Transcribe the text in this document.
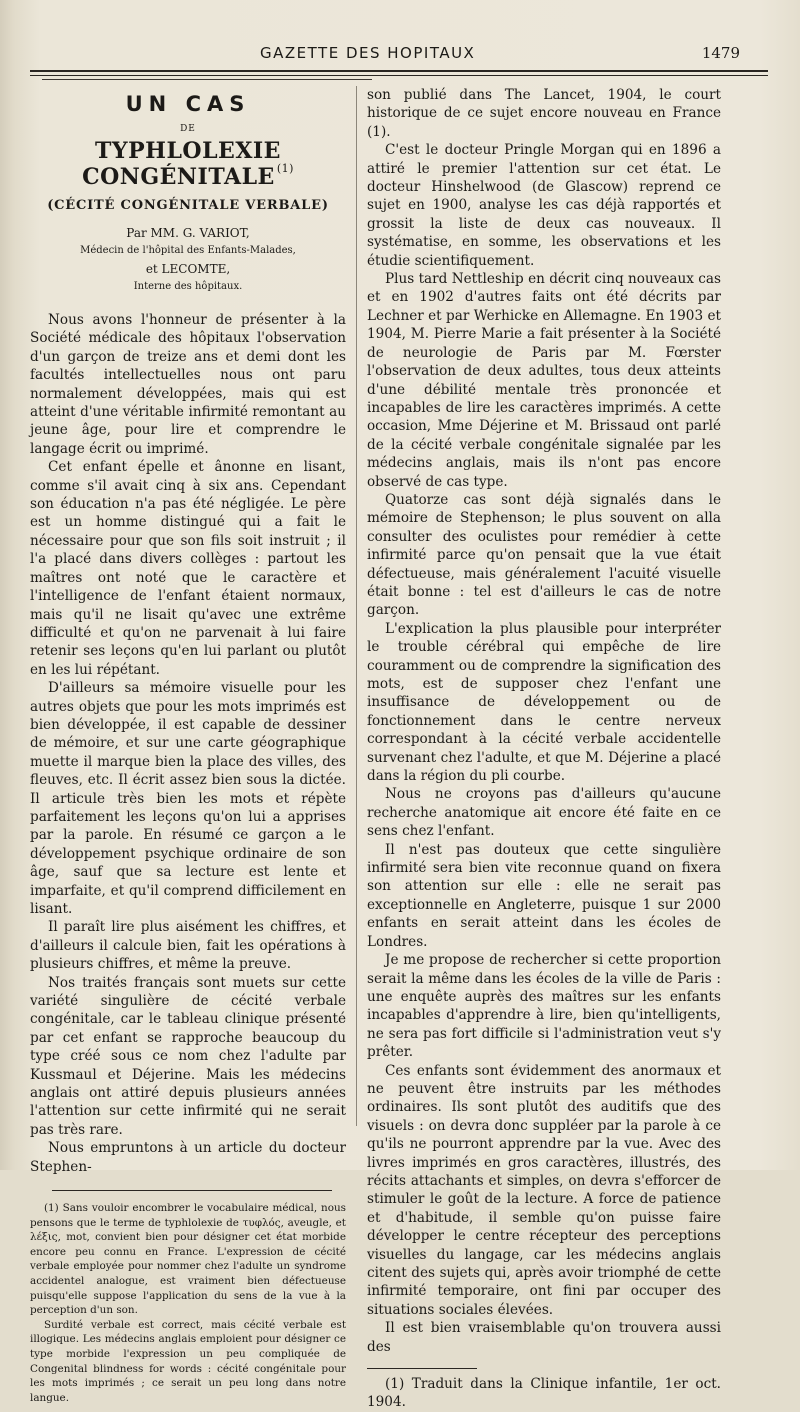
GAZETTE DES HOPITAUX	1479
UN CAS
DE
TYPHLOLEXIE CONGÉNITALE $^{(1)}$
(CÉCITÉ CONGÉNITALE VERBALE)

Par MM. G. VARIOT,

Médecin de l'hôpital des Enfants-Malades,

et LECOMTE,

Interne des hôpitaux.

Nous avons l'honneur de présenter à la Société médicale des hôpitaux l'observation d'un garçon de treize ans et demi dont les facultés intellectuelles nous ont paru normalement développées, mais qui est atteint d'une véritable infirmité remontant au jeune âge, pour lire et comprendre le langage écrit ou imprimé.

Cet enfant épelle et ânonne en lisant, comme s'il avait cinq à six ans. Cependant son éducation n'a pas été négligée. Le père est un homme distingué qui a fait le nécessaire pour que son fils soit instruit ; il l'a placé dans divers collèges : partout les maîtres ont noté que le caractère et l'intelligence de l'enfant étaient normaux, mais qu'il ne lisait qu'avec une extrême difficulté et qu'on ne parvenait à lui faire retenir ses leçons qu'en lui parlant ou plutôt en les lui répétant.

D'ailleurs sa mémoire visuelle pour les autres objets que pour les mots imprimés est bien développée, il est capable de dessiner de mémoire, et sur une carte géographique muette il marque bien la place des villes, des fleuves, etc. Il écrit assez bien sous la dictée. Il articule très bien les mots et répète parfaitement les leçons qu'on lui a apprises par la parole. En résumé ce garçon a le développement psychique ordinaire de son âge, sauf que sa lecture est lente et imparfaite, et qu'il comprend difficilement en lisant.

Il paraît lire plus aisément les chiffres, et d'ailleurs il calcule bien, fait les opérations à plusieurs chiffres, et même la preuve.

Nos traités français sont muets sur cette variété singulière de cécité verbale congénitale, car le tableau clinique présenté par cet enfant se rapproche beaucoup du type créé sous ce nom chez l'adulte par Kussmaul et Déjerine. Mais les médecins anglais ont attiré depuis plusieurs années l'attention sur cette infirmité qui ne serait pas très rare.

Nous empruntons à un article du docteur Stephen-

(1) Sans vouloir encombrer le vocabulaire médical, nous pensons que le terme de typhlolexie de τυφλός, aveugle, et λέξις, mot, convient bien pour désigner cet état morbide encore peu connu en France. L'expression de cécité verbale employée pour nommer chez l'adulte un syndrome accidentel analogue, est vraiment bien défectueuse puisqu'elle suppose l'application du sens de la vue à la perception d'un son.

Surdité verbale est correct, mais cécité verbale est illogique. Les médecins anglais emploient pour désigner ce type morbide l'expression un peu compliquée de Congenital blindness for words : cécité congénitale pour les mots imprimés ; ce serait un peu long dans notre langue.

son publié dans The Lancet, 1904, le court historique de ce sujet encore nouveau en France (1).

C'est le docteur Pringle Morgan qui en 1896 a attiré le premier l'attention sur cet état. Le docteur Hinshelwood (de Glascow) reprend ce sujet en 1900, analyse les cas déjà rapportés et grossit la liste de deux cas nouveaux. Il systématise, en somme, les observations et les étudie scientifiquement.

Plus tard Nettleship en décrit cinq nouveaux cas et en 1902 d'autres faits ont été décrits par Lechner et par Werhicke en Allemagne. En 1903 et 1904, M. Pierre Marie a fait présenter à la Société de neurologie de Paris par M. Fœrster l'observation de deux adultes, tous deux atteints d'une débilité mentale très prononcée et incapables de lire les caractères imprimés. A cette occasion, Mme Déjerine et M. Brissaud ont parlé de la cécité verbale congénitale signalée par les médecins anglais, mais ils n'ont pas encore observé de cas type.

Quatorze cas sont déjà signalés dans le mémoire de Stephenson; le plus souvent on alla consulter des oculistes pour remédier à cette infirmité parce qu'on pensait que la vue était défectueuse, mais généralement l'acuité visuelle était bonne : tel est d'ailleurs le cas de notre garçon.

L'explication la plus plausible pour interpréter le trouble cérébral qui empêche de lire couramment ou de comprendre la signification des mots, est de supposer chez l'enfant une insuffisance de développement ou de fonctionnement dans le centre nerveux correspondant à la cécité verbale accidentelle survenant chez l'adulte, et que M. Déjerine a placé dans la région du pli courbe.

Nous ne croyons pas d'ailleurs qu'aucune recherche anatomique ait encore été faite en ce sens chez l'enfant.

Il n'est pas douteux que cette singulière infirmité sera bien vite reconnue quand on fixera son attention sur elle : elle ne serait pas exceptionnelle en Angleterre, puisque 1 sur 2000 enfants en serait atteint dans les écoles de Londres.

Je me propose de rechercher si cette proportion serait la même dans les écoles de la ville de Paris : une enquête auprès des maîtres sur les enfants incapables d'apprendre à lire, bien qu'intelligents, ne sera pas fort difficile si l'administration veut s'y prêter.

Ces enfants sont évidemment des anormaux et ne peuvent être instruits par les méthodes ordinaires. Ils sont plutôt des auditifs que des visuels : on devra donc suppléer par la parole à ce qu'ils ne pourront apprendre par la vue. Avec des livres imprimés en gros caractères, illustrés, des récits attachants et simples, on devra s'efforcer de stimuler le goût de la lecture. A force de patience et d'habitude, il semble qu'on puisse faire développer le centre récepteur des perceptions visuelles du langage, car les médecins anglais citent des sujets qui, après avoir triomphé de cette infirmité temporaire, ont fini par occuper des situations sociales élevées.

Il est bien vraisemblable qu'on trouvera aussi des

(1) Traduit dans la Clinique infantile, 1er oct. 1904.
